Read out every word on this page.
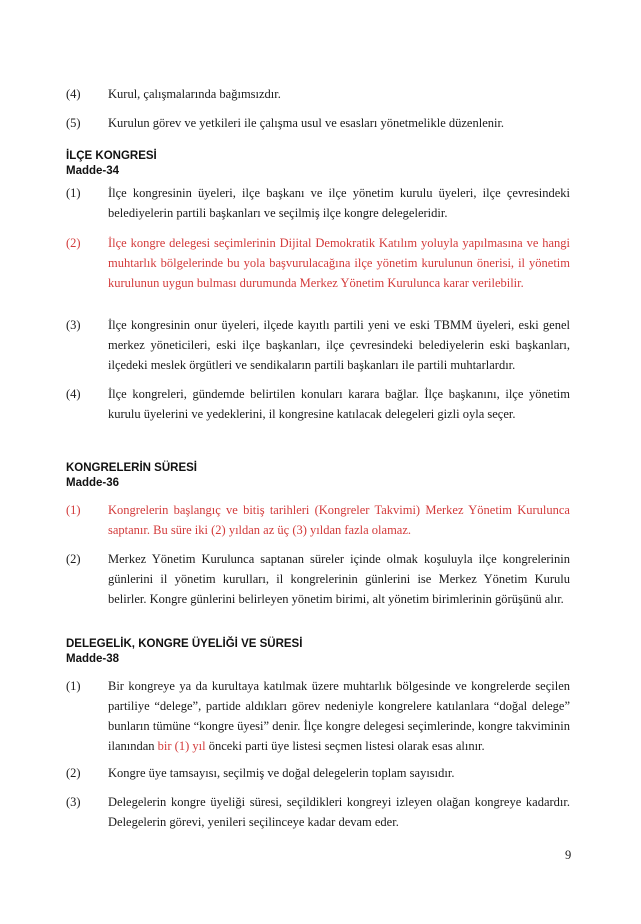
(4)	Kurul, çalışmalarında bağımsızdır.
(5)	Kurulun görev ve yetkileri ile çalışma usul ve esasları yönetmelikle düzenlenir.
İLÇE KONGRESİ
Madde-34
(1)	İlçe kongresinin üyeleri, ilçe başkanı ve ilçe yönetim kurulu üyeleri, ilçe çevresindeki belediyelerin partili başkanları ve seçilmiş ilçe kongre delegeleridir.
(2)	İlçe kongre delegesi seçimlerinin Dijital Demokratik Katılım yoluyla yapılmasına ve hangi muhtarlık bölgelerinde bu yola başvurulacağına ilçe yönetim kurulunun önerisi, il yönetim kurulunun uygun bulması durumunda Merkez Yönetim Kurulunca karar verilebilir.
(3)	İlçe kongresinin onur üyeleri, ilçede kayıtlı partili yeni ve eski TBMM üyeleri, eski genel merkez yöneticileri, eski ilçe başkanları, ilçe çevresindeki belediyelerin eski başkanları, ilçedeki meslek örgütleri ve sendikaların partili başkanları ile partili muhtarlardır.
(4)	İlçe kongreleri, gündemde belirtilen konuları karara bağlar. İlçe başkanını, ilçe yönetim kurulu üyelerini ve yedeklerini, il kongresine katılacak delegeleri gizli oyla seçer.
KONGRELERİN SÜRESİ
Madde-36
(1)	Kongrelerin başlangıç ve bitiş tarihleri (Kongreler Takvimi) Merkez Yönetim Kurulunca saptanır. Bu süre iki (2) yıldan az üç (3) yıldan fazla olamaz.
(2)	Merkez Yönetim Kurulunca saptanan süreler içinde olmak koşuluyla ilçe kongrelerinin günlerini il yönetim kurulları, il kongrelerinin günlerini ise Merkez Yönetim Kurulu belirler. Kongre günlerini belirleyen yönetim birimi, alt yönetim birimlerinin görüşünü alır.
DELEGELİK, KONGRE ÜYELİĞİ VE SÜRESİ
Madde-38
(1)	Bir kongreye ya da kurultaya katılmak üzere muhtarlık bölgesinde ve kongrelerde seçilen partiliye “delege”, partide aldıkları görev nedeniyle kongrelere katılanlara “doğal delege” bunların tümüne “kongre üyesi” denir. İlçe kongre delegesi seçimlerinde, kongre takviminin ilanından bir (1) yıl önceki parti üye listesi seçmen listesi olarak esas alınır.
(2)	Kongre üye tamsayısı, seçilmiş ve doğal delegelerin toplam sayısıdır.
(3)	Delegelerin kongre üyeliği süresi, seçildikleri kongreyi izleyen olağan kongreye kadardır. Delegelerin görevi, yenileri seçilinceye kadar devam eder.
9
